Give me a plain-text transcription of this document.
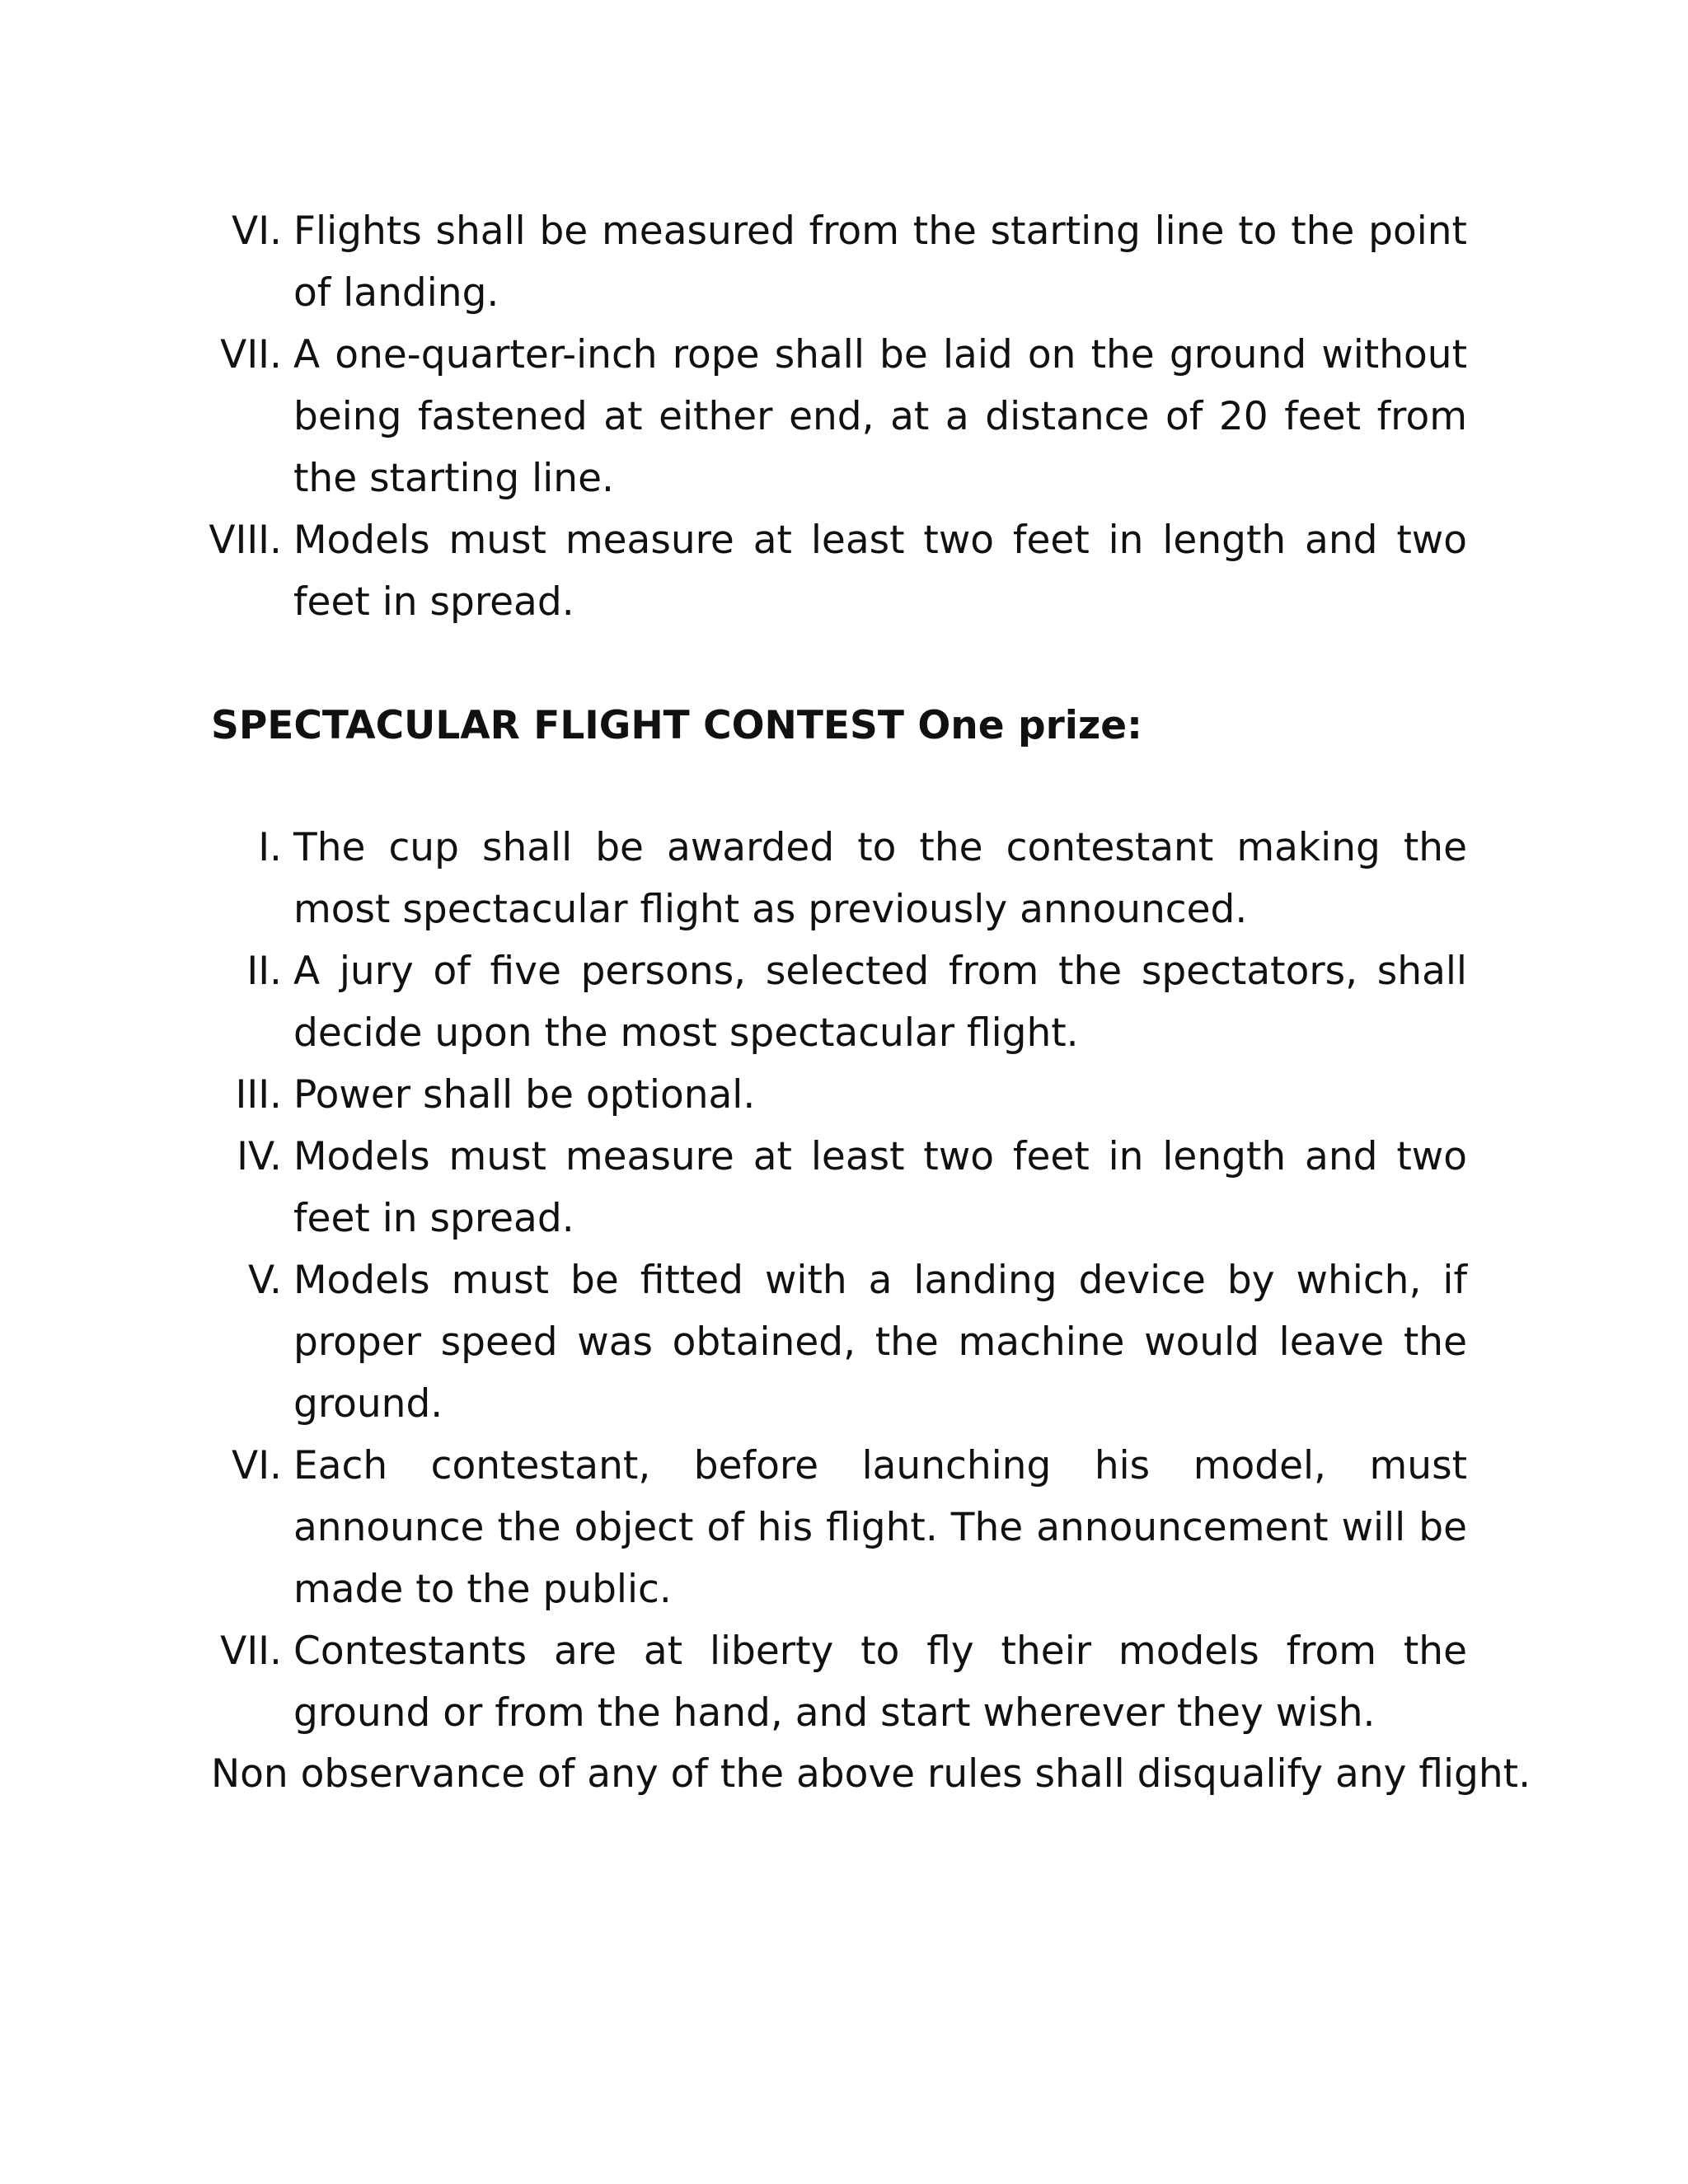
VI. Flights shall be measured from the starting line to the point of landing.
VII. A one-quarter-inch rope shall be laid on the ground without being fastened at either end, at a distance of 20 feet from the starting line.
VIII. Models must measure at least two feet in length and two feet in spread.
SPECTACULAR FLIGHT CONTEST One prize:
I. The cup shall be awarded to the contestant making the most spectacular flight as previously announced.
II. A jury of five persons, selected from the spectators, shall decide upon the most spectacular flight.
III. Power shall be optional.
IV. Models must measure at least two feet in length and two feet in spread.
V. Models must be fitted with a landing device by which, if proper speed was obtained, the machine would leave the ground.
VI. Each contestant, before launching his model, must announce the object of his flight. The announcement will be made to the public.
VII. Contestants are at liberty to fly their models from the ground or from the hand, and start wherever they wish.
Non observance of any of the above rules shall disqualify any flight.
